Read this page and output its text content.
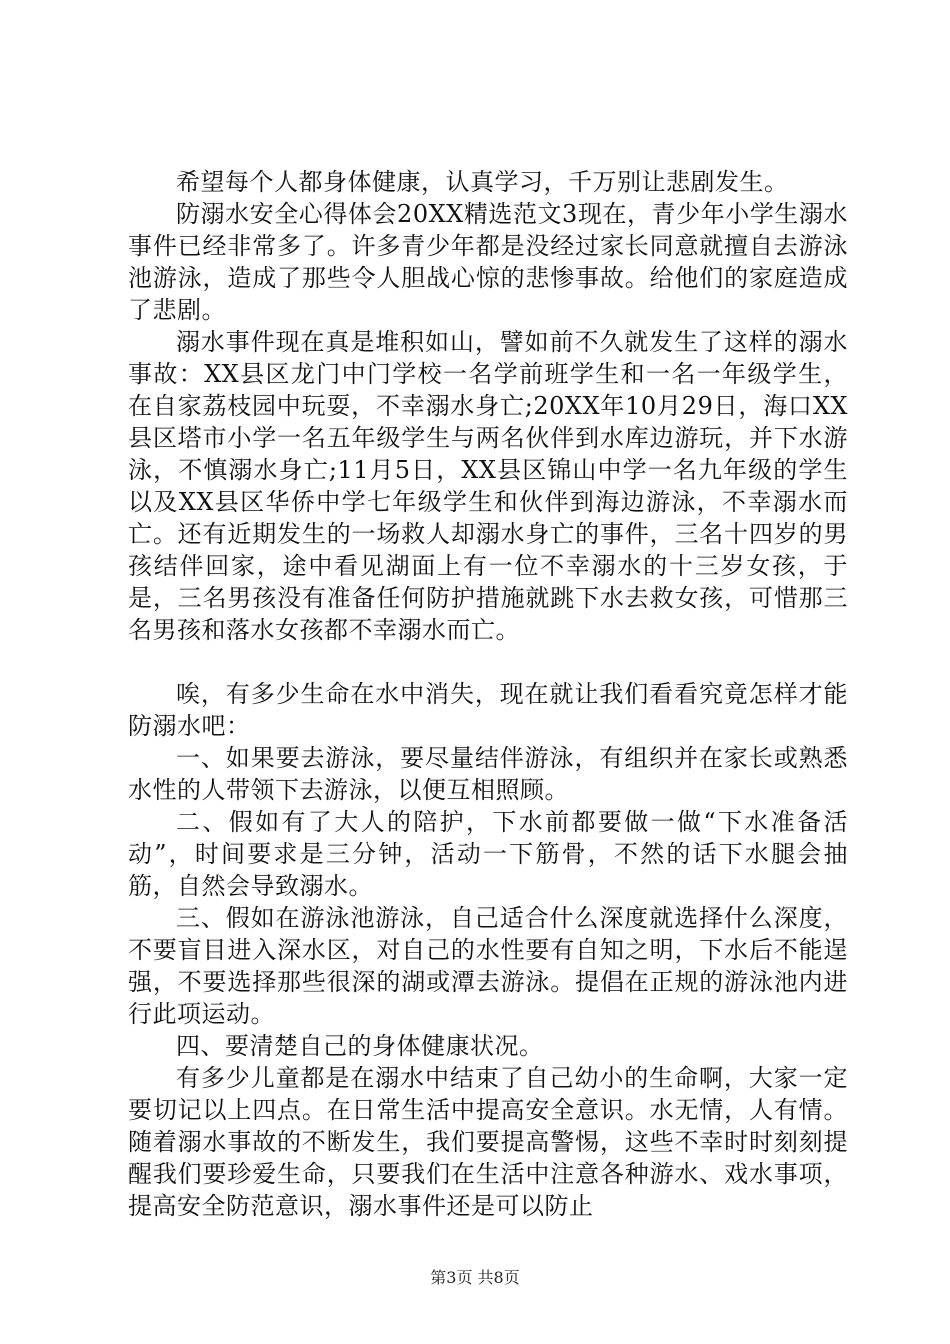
希望每个人都身体健康，认真学习，千万别让悲剧发生。

防溺水安全心得体会20XX精选范文3现在，青少年小学生溺水事件已经非常多了。许多青少年都是没经过家长同意就擅自去游泳池游泳，造成了那些令人胆战心惊的悲惨事故。给他们的家庭造成了悲剧。

溺水事件现在真是堆积如山，譬如前不久就发生了这样的溺水事故：XX县区龙门中门学校一名学前班学生和一名一年级学生，在自家荔枝园中玩耍，不幸溺水身亡;20XX年10月29日，海口XX县区塔市小学一名五年级学生与两名伙伴到水库边游玩，并下水游泳，不慎溺水身亡;11月5日，XX县区锦山中学一名九年级的学生以及XX县区华侨中学七年级学生和伙伴到海边游泳，不幸溺水而亡。还有近期发生的一场救人却溺水身亡的事件，三名十四岁的男孩结伴回家，途中看见湖面上有一位不幸溺水的十三岁女孩，于是，三名男孩没有准备任何防护措施就跳下水去救女孩，可惜那三名男孩和落水女孩都不幸溺水而亡。

唉，有多少生命在水中消失，现在就让我们看看究竟怎样才能防溺水吧：

一、如果要去游泳，要尽量结伴游泳，有组织并在家长或熟悉水性的人带领下去游泳，以便互相照顾。

二、假如有了大人的陪护，下水前都要做一做“下水准备活动”，时间要求是三分钟，活动一下筋骨，不然的话下水腿会抽筋，自然会导致溺水。

三、假如在游泳池游泳，自己适合什么深度就选择什么深度，不要盲目进入深水区，对自己的水性要有自知之明，下水后不能逞强，不要选择那些很深的湖或潭去游泳。提倡在正规的游泳池内进行此项运动。

四、要清楚自己的身体健康状况。

有多少儿童都是在溺水中结束了自己幼小的生命啊，大家一定要切记以上四点。在日常生活中提高安全意识。水无情，人有情。随着溺水事故的不断发生，我们要提高警惕，这些不幸时时刻刻提醒我们要珍爱生命，只要我们在生活中注意各种游水、戏水事项，提高安全防范意识，溺水事件还是可以防止

第3页 共8页
